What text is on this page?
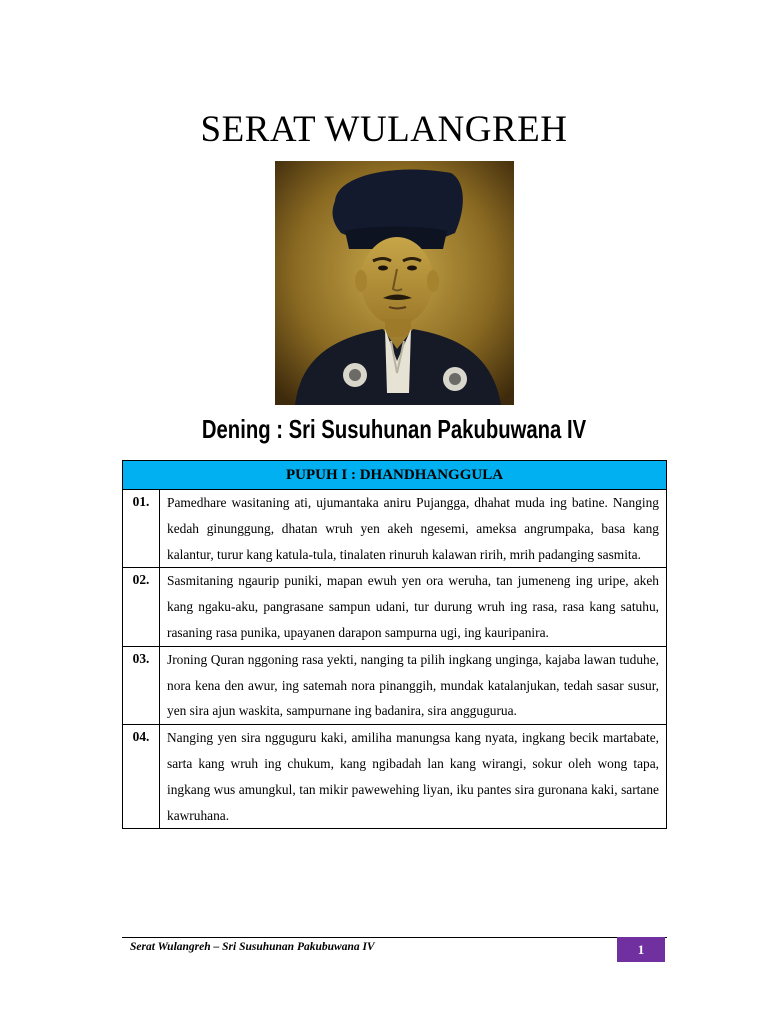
SERAT WULANGREH
Dening : Sri Susuhunan Pakubuwana IV
PUPUH I : DHANDHANGGULA	
01.	Pamedhare wasitaning ati, ujumantaka aniru Pujangga, dhahat muda ing batine. Nanging kedah ginunggung, dhatan wruh yen akeh ngesemi, ameksa angrumpaka, basa kang kalantur, turur kang katula-tula, tinalaten rinuruh kalawan ririh, mrih padanging sasmita.
02.	Sasmitaning ngaurip puniki, mapan ewuh yen ora weruha, tan jumeneng ing uripe, akeh kang ngaku-aku, pangrasane sampun udani, tur durung wruh ing rasa, rasa kang satuhu, rasaning rasa punika, upayanen darapon sampurna ugi, ing kauripanira.
03.	Jroning Quran nggoning rasa yekti, nanging ta pilih ingkang unginga, kajaba lawan tuduhe, nora kena den awur, ing satemah nora pinanggih, mundak katalanjukan, tedah sasar susur, yen sira ajun waskita, sampurnane ing badanira, sira anggugurua.
04.	Nanging yen sira ngguguru kaki, amiliha manungsa kang nyata, ingkang becik martabate, sarta kang wruh ing chukum, kang ngibadah lan kang wirangi, sokur oleh wong tapa, ingkang wus amungkul, tan mikir pawewehing liyan, iku pantes sira guronana kaki, sartane kawruhana.
Serat Wulangreh – Sri Susuhunan Pakubuwana IV	1
